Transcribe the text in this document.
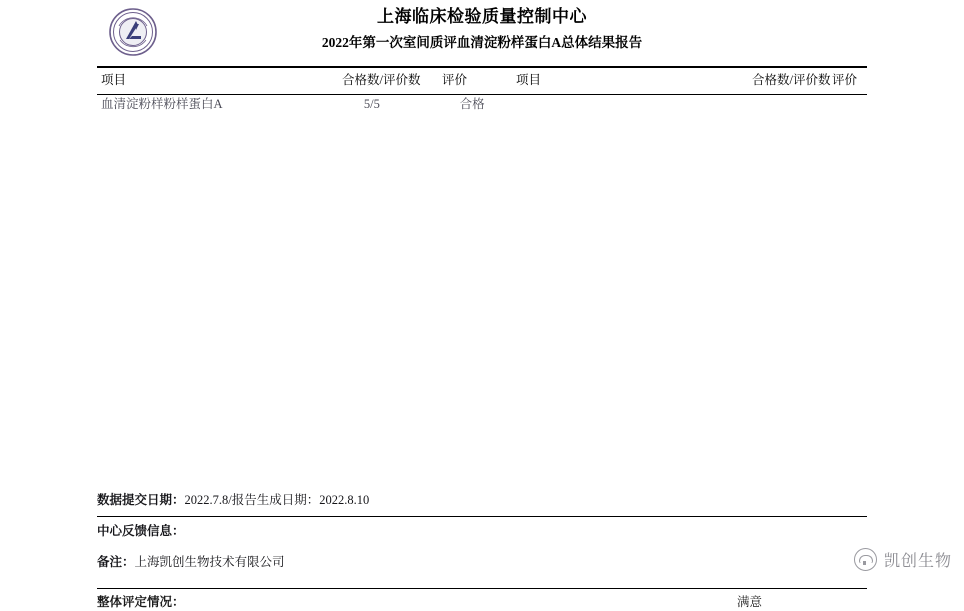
上海临床检验质量控制中心
2022年第一次室间质评血清淀粉样蛋白A总体结果报告
项目	合格数/评价数	评价	项目	合格数/评价数 评价
血清淀粉样粉样蛋白A	5/5	合格
数据提交日期：2022.7.8/报告生成日期：2022.8.10
中心反馈信息：
备注：上海凯创生物技术有限公司
整体评定情况：	满意
凯创生物
